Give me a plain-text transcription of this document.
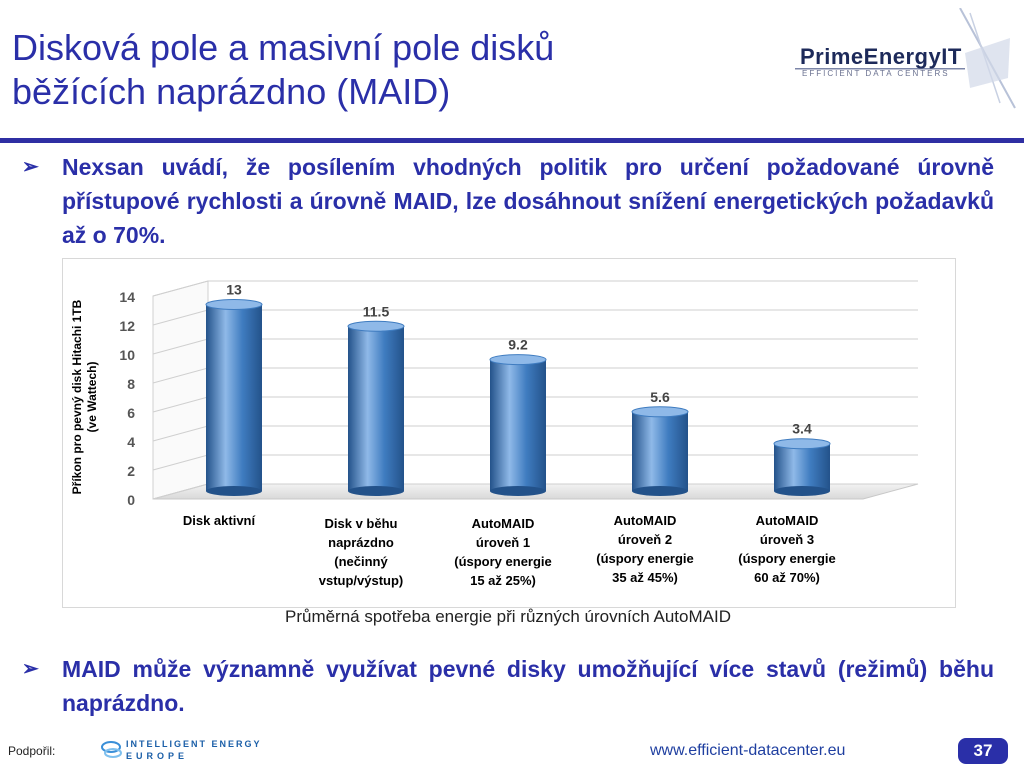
Disková pole a masivní pole disků
běžících naprázdno (MAID)
PrimeEnergyIT
EFFICIENT DATA CENTERS
➢ Nexsan uvádí, že posílením vhodných politik pro určení požadované úrovně přístupové rychlosti a úrovně MAID, lze dosáhnout snížení energetických požadavků až o 70%.
0
2
4
6
8
10
12
14
Příkon pro pevný disk Hitachi 1TB(ve Wattech)
13
Disk aktivní
11.5
Disk v běhu
naprázdno
(nečinný
vstup/výstup)
9.2
AutoMAID
úroveň 1
(úspory energie
15 až 25%)
5.6
AutoMAID
úroveň 2
(úspory energie
35 až 45%)
3.4
AutoMAID
úroveň 3
(úspory energie
60 až 70%)
Průměrná spotřeba energie při různých úrovních AutoMAID
➢ MAID může významně využívat pevné disky umožňující více stavů (režimů) běhu naprázdno.
Podpořil:	INTELLIGENT ENERGY
EUROPE	www.efficient-datacenter.eu	37
